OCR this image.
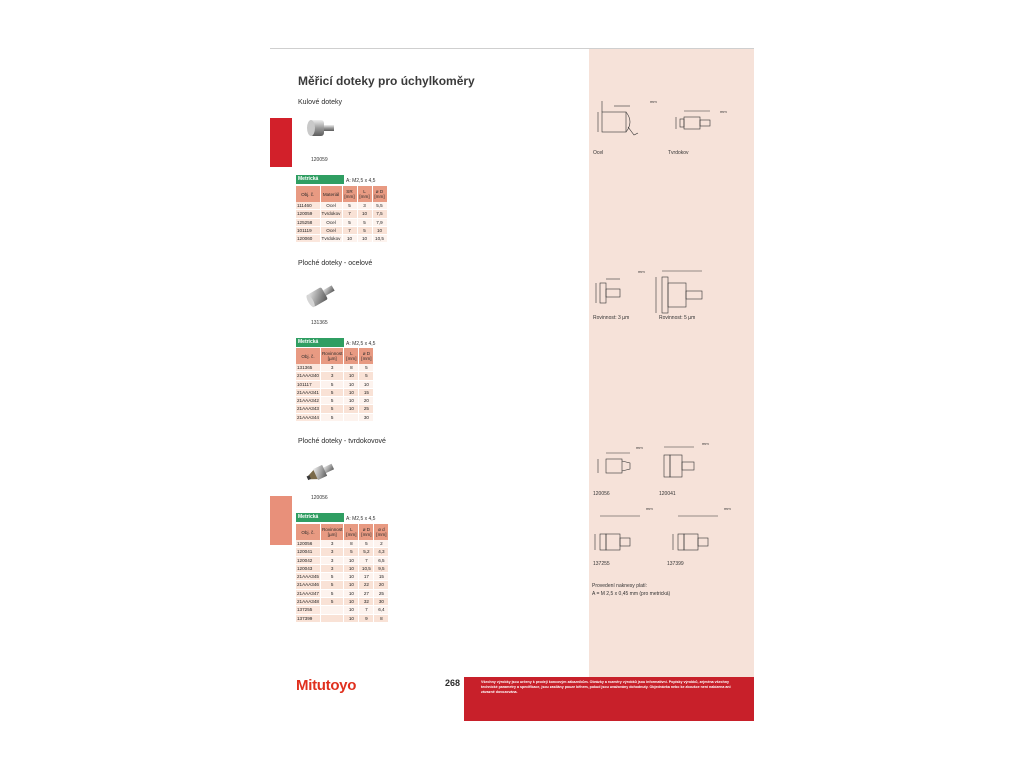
Měřicí doteky pro úchylkoměry
Kulové doteky
120059
Metrická	A: M2,5 x 4,5
Obj. č.	Materiál	SR [mm]	L [mm]	ø D [mm]
111460	Ocel	5	3	5,5
120059	Tvrdokov	7	10	7,5
125258	Ocel	5	5	7,9
101119	Ocel	7	5	10
120060	Tvrdokov	10	10	10,5
Ploché doteky - ocelové
131365
Metrická	A: M2,5 x 4,5
Obj. č.	Rovinnost [µm]	L [mm]	ø D [mm]
131365	3	8	5
21AAA340	3	10	5
101117	5	10	10
21AAA341	5	10	15
21AAA342	5	10	20
21AAA343	5	10	25
21AAA344	5		30
Ploché doteky - tvrdokovové
120056
Metrická	A: M2,5 x 4,5
Obj. č.	Rovinnost [µm]	L [mm]	ø D [mm]	ø d [mm]
120056	3	8	5	2
120041	3	5	5,2	4,3
120042	3	10	7	6,5
120043	3	10	10,5	9,5
21AAA345	5	10	17	15
21AAA346	5	10	22	20
21AAA347	5	10	27	25
21AAA348	5	10	32	30
137255		10	7	6,4
137399		10	9	8
mm
mm
Ocel	Tvrdokov
mm
Rovinnost: 3 µm	Rovinnost: 5 µm
mm
mm
120056	120041
mm	mm
137255	137399
Provedení naknesy platí:
A = M 2,5 x 0,45 mm (pro metrická)
Mitutoyo	268	Všechny výrobky jsou určeny k prodeji koncovým zákazníkům. Obrázky a rozměry výrobků jsou informativní. Popisky výrobků, zejména všechny technické parametry a specifikace, jsou zasílány pouze během, pokud jsou uvažovány dohodnuty. Objednávka nebo ke zkoušce není nabízena ani závazně dovozována.
